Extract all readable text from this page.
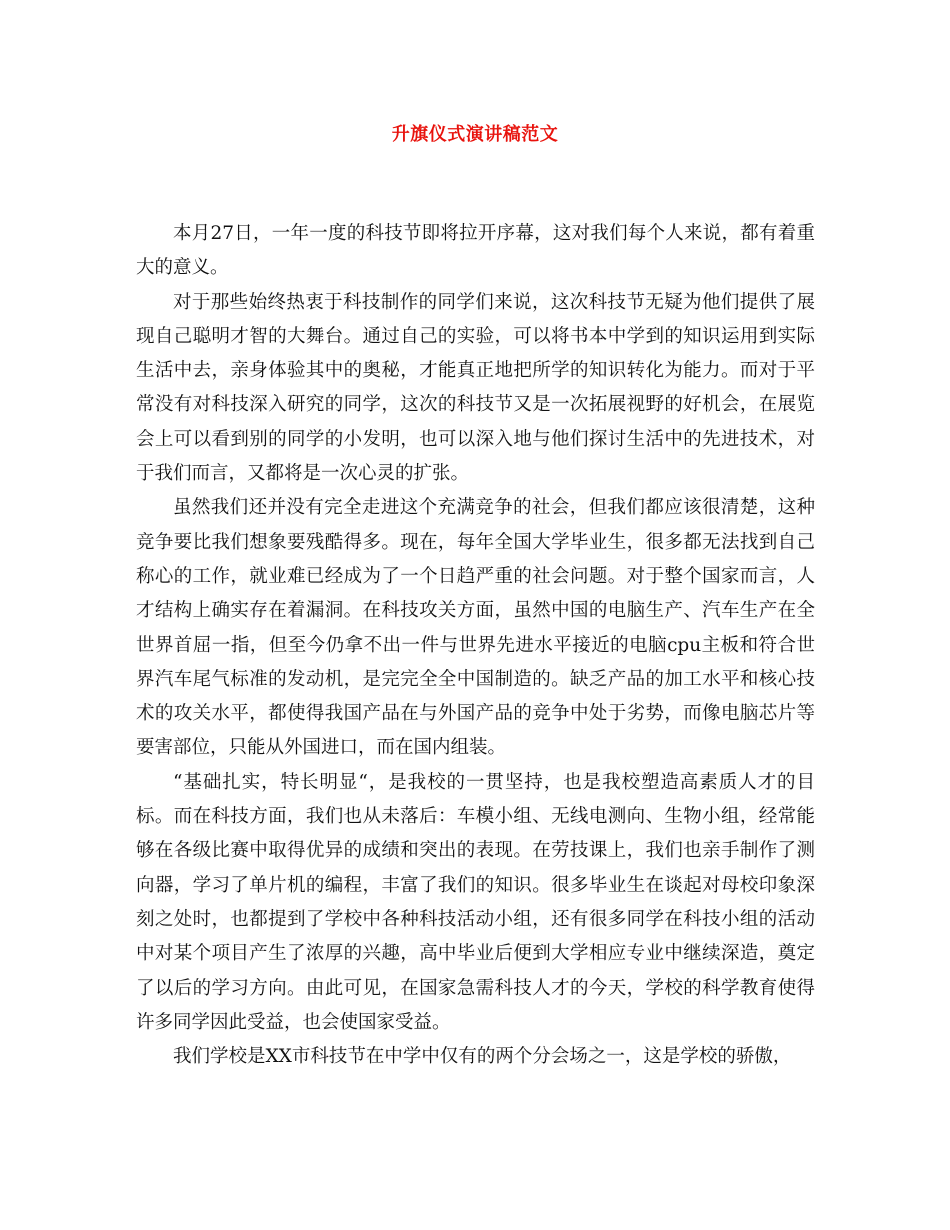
升旗仪式演讲稿范文

本月27日，一年一度的科技节即将拉开序幕，这对我们每个人来说，都有着重大的意义。

对于那些始终热衷于科技制作的同学们来说，这次科技节无疑为他们提供了展现自己聪明才智的大舞台。通过自己的实验，可以将书本中学到的知识运用到实际生活中去，亲身体验其中的奥秘，才能真正地把所学的知识转化为能力。而对于平常没有对科技深入研究的同学，这次的科技节又是一次拓展视野的好机会，在展览会上可以看到别的同学的小发明，也可以深入地与他们探讨生活中的先进技术，对于我们而言，又都将是一次心灵的扩张。

虽然我们还并没有完全走进这个充满竞争的社会，但我们都应该很清楚，这种竞争要比我们想象要残酷得多。现在，每年全国大学毕业生，很多都无法找到自己称心的工作，就业难已经成为了一个日趋严重的社会问题。对于整个国家而言，人才结构上确实存在着漏洞。在科技攻关方面，虽然中国的电脑生产、汽车生产在全世界首屈一指，但至今仍拿不出一件与世界先进水平接近的电脑cpu主板和符合世界汽车尾气标准的发动机，是完完全全中国制造的。缺乏产品的加工水平和核心技术的攻关水平，都使得我国产品在与外国产品的竞争中处于劣势，而像电脑芯片等要害部位，只能从外国进口，而在国内组装。

“基础扎实，特长明显“，是我校的一贯坚持，也是我校塑造高素质人才的目标。而在科技方面，我们也从未落后：车模小组、无线电测向、生物小组，经常能够在各级比赛中取得优异的成绩和突出的表现。在劳技课上，我们也亲手制作了测向器，学习了单片机的编程，丰富了我们的知识。很多毕业生在谈起对母校印象深刻之处时，也都提到了学校中各种科技活动小组，还有很多同学在科技小组的活动中对某个项目产生了浓厚的兴趣，高中毕业后便到大学相应专业中继续深造，奠定了以后的学习方向。由此可见，在国家急需科技人才的今天，学校的科学教育使得许多同学因此受益，也会使国家受益。

我们学校是XX市科技节在中学中仅有的两个分会场之一，这是学校的骄傲，
